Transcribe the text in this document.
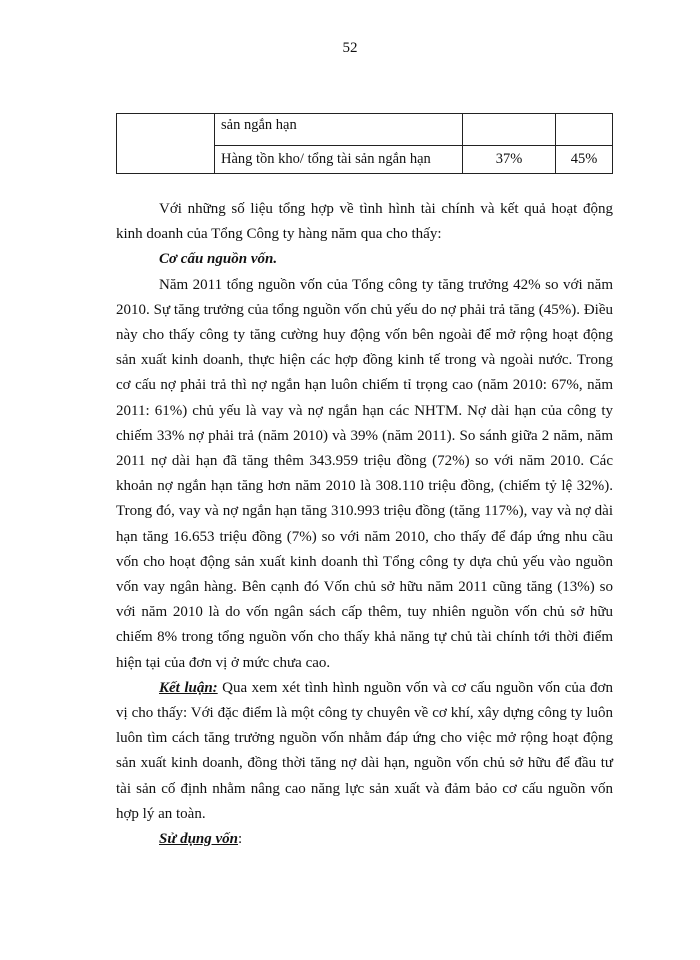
52
	sản ngắn hạn		
	Hàng tồn kho/ tổng tài sản ngắn hạn	37%	45%

Với những số liệu tổng hợp về tình hình tài chính và kết quả hoạt động kinh doanh của Tổng Công ty hàng năm qua cho thấy:

Cơ cấu nguồn vốn.

Năm 2011 tổng nguồn vốn của Tổng công ty tăng trưởng 42% so với năm 2010. Sự tăng trưởng của tổng nguồn vốn chủ yếu do nợ phải trả tăng (45%). Điều này cho thấy công ty tăng cường huy động vốn bên ngoài để mở rộng hoạt động sản xuất kinh doanh, thực hiện các hợp đồng kinh tế trong và ngoài nước. Trong cơ cấu nợ phải trả thì nợ ngắn hạn luôn chiếm tỉ trọng cao (năm 2010: 67%, năm 2011: 61%) chủ yếu là vay và nợ ngắn hạn các NHTM. Nợ dài hạn của công ty chiếm 33% nợ phải trả (năm 2010) và 39% (năm 2011). So sánh giữa 2 năm, năm 2011 nợ dài hạn đã tăng thêm 343.959 triệu đồng (72%) so với năm 2010. Các khoản nợ ngắn hạn tăng hơn năm 2010 là 308.110 triệu đồng, (chiếm tỷ lệ 32%). Trong đó, vay và nợ ngắn hạn tăng 310.993 triệu đồng (tăng 117%), vay và nợ dài hạn tăng 16.653 triệu đồng (7%) so với năm 2010, cho thấy để đáp ứng nhu cầu vốn cho hoạt động sản xuất kinh doanh thì Tổng công ty dựa chủ yếu vào nguồn vốn vay ngân hàng. Bên cạnh đó Vốn chủ sở hữu năm 2011 cũng tăng (13%) so với năm 2010 là do vốn ngân sách cấp thêm, tuy nhiên nguồn vốn chủ sở hữu chiếm 8% trong tổng nguồn vốn cho thấy khả năng tự chủ tài chính tới thời điểm hiện tại của đơn vị ở mức chưa cao.

Kết luận: Qua xem xét tình hình nguồn vốn và cơ cấu nguồn vốn của đơn vị cho thấy: Với đặc điểm là một công ty chuyên về cơ khí, xây dựng công ty luôn luôn tìm cách tăng trưởng nguồn vốn nhằm đáp ứng cho việc mở rộng hoạt động sản xuất kinh doanh, đồng thời tăng nợ dài hạn, nguồn vốn chủ sở hữu để đầu tư tài sản cố định nhằm nâng cao năng lực sản xuất và đảm bảo cơ cấu nguồn vốn hợp lý an toàn.

Sử dụng vốn:
